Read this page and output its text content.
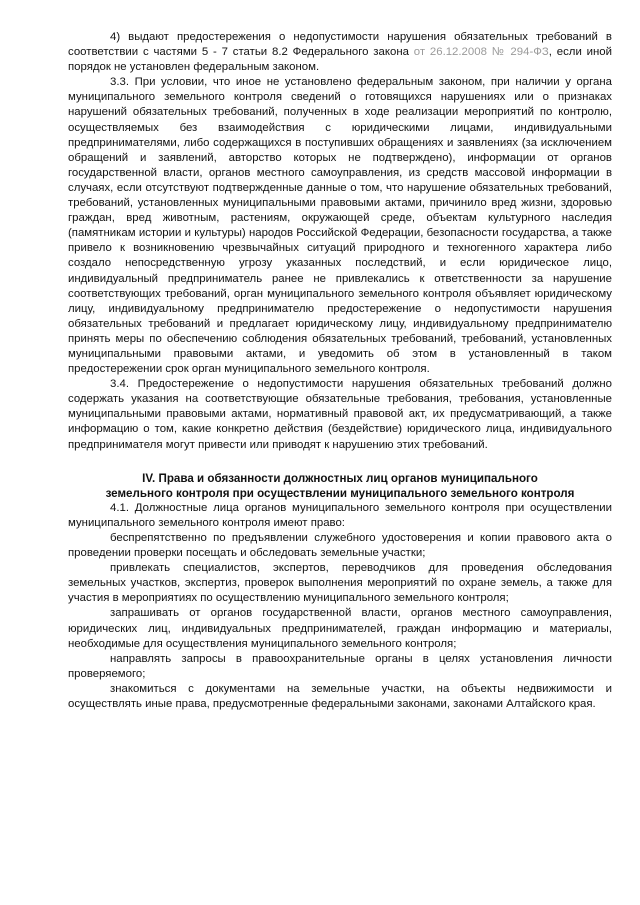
4) выдают предостережения о недопустимости нарушения обязательных требований в соответствии с частями 5 - 7 статьи 8.2 Федерального закона от 26.12.2008 № 294-ФЗ, если иной порядок не установлен федеральным законом.

3.3. При условии, что иное не установлено федеральным законом, при наличии у органа муниципального земельного контроля сведений о готовящихся нарушениях или о признаках нарушений обязательных требований, полученных в ходе реализации мероприятий по контролю, осуществляемых без взаимодействия с юридическими лицами, индивидуальными предпринимателями, либо содержащихся в поступивших обращениях и заявлениях (за исключением обращений и заявлений, авторство которых не подтверждено), информации от органов государственной власти, органов местного самоуправления, из средств массовой информации в случаях, если отсутствуют подтвержденные данные о том, что нарушение обязательных требований, требований, установленных муниципальными правовыми актами, причинило вред жизни, здоровью граждан, вред животным, растениям, окружающей среде, объектам культурного наследия (памятникам истории и культуры) народов Российской Федерации, безопасности государства, а также привело к возникновению чрезвычайных ситуаций природного и техногенного характера либо создало непосредственную угрозу указанных последствий, и если юридическое лицо, индивидуальный предприниматель ранее не привлекались к ответственности за нарушение соответствующих требований, орган муниципального земельного контроля объявляет юридическому лицу, индивидуальному предпринимателю предостережение о недопустимости нарушения обязательных требований и предлагает юридическому лицу, индивидуальному предпринимателю принять меры по обеспечению соблюдения обязательных требований, требований, установленных муниципальными правовыми актами, и уведомить об этом в установленный в таком предостережении срок орган муниципального земельного контроля.

3.4. Предостережение о недопустимости нарушения обязательных требований должно содержать указания на соответствующие обязательные требования, требования, установленные муниципальными правовыми актами, нормативный правовой акт, их предусматривающий, а также информацию о том, какие конкретно действия (бездействие) юридического лица, индивидуального предпринимателя могут привести или приводят к нарушению этих требований.

IV. Права и обязанности должностных лиц органов муниципального
земельного контроля при осуществлении муниципального земельного контроля

4.1. Должностные лица органов муниципального земельного контроля при осуществлении муниципального земельного контроля имеют право:

беспрепятственно по предъявлении служебного удостоверения и копии правового акта о проведении проверки посещать и обследовать земельные участки;

привлекать специалистов, экспертов, переводчиков для проведения обследования земельных участков, экспертиз, проверок выполнения мероприятий по охране земель, а также для участия в мероприятиях по осуществлению муниципального земельного контроля;

запрашивать от органов государственной власти, органов местного самоуправления, юридических лиц, индивидуальных предпринимателей, граждан информацию и материалы, необходимые для осуществления муниципального земельного контроля;

направлять запросы в правоохранительные органы в целях установления личности проверяемого;

знакомиться с документами на земельные участки, на объекты недвижимости и осуществлять иные права, предусмотренные федеральными законами, законами Алтайского края.
